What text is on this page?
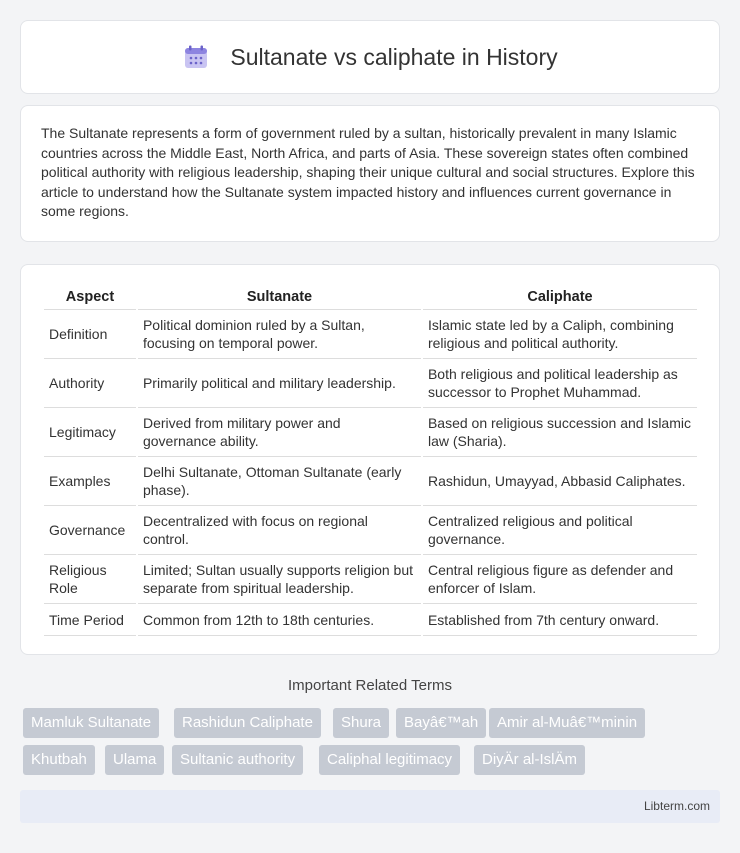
Sultanate vs caliphate in History

The Sultanate represents a form of government ruled by a sultan, historically prevalent in many Islamic countries across the Middle East, North Africa, and parts of Asia. These sovereign states often combined political authority with religious leadership, shaping their unique cultural and social structures. Explore this article to understand how the Sultanate system impacted history and influences current governance in some regions.

Aspect	Sultanate	Caliphate
Definition	Political dominion ruled by a Sultan, focusing on temporal power.	Islamic state led by a Caliph, combining religious and political authority.
Authority	Primarily political and military leadership.	Both religious and political leadership as successor to Prophet Muhammad.
Legitimacy	Derived from military power and governance ability.	Based on religious succession and Islamic law (Sharia).
Examples	Delhi Sultanate, Ottoman Sultanate (early phase).	Rashidun, Umayyad, Abbasid Caliphates.
Governance	Decentralized with focus on regional control.	Centralized religious and political governance.
Religious Role	Limited; Sultan usually supports religion but separate from spiritual leadership.	Central religious figure as defender and enforcer of Islam.
Time Period	Common from 12th to 18th centuries.	Established from 7th century onward.
Important Related Terms
Mamluk Sultanate	Rashidun Caliphate	Shura	Bayâ€™ah	Amir al-Muâ€™minin
Khutbah	Ulama	Sultanic authority	Caliphal legitimacy	DiyÄr al-IslÄm
Libterm.com
